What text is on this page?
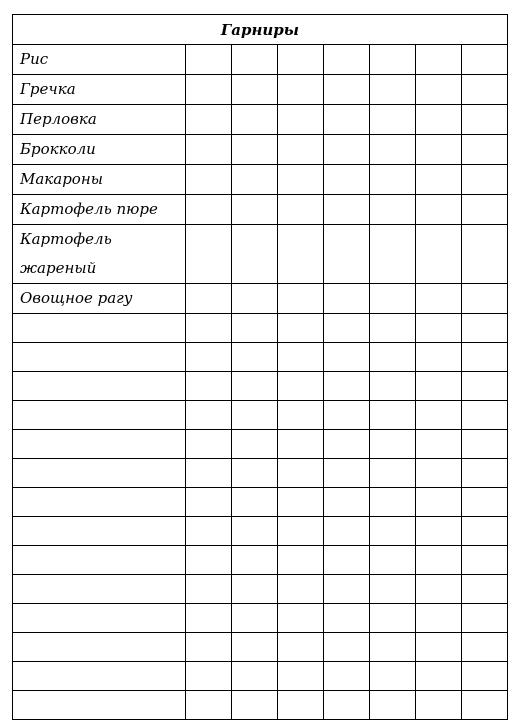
Гарниры							
Рис							
Гречка							
Перловка							
Брокколи							
Макароны							
Картофель пюре							
Картофель жареный							
Овощное рагу							
